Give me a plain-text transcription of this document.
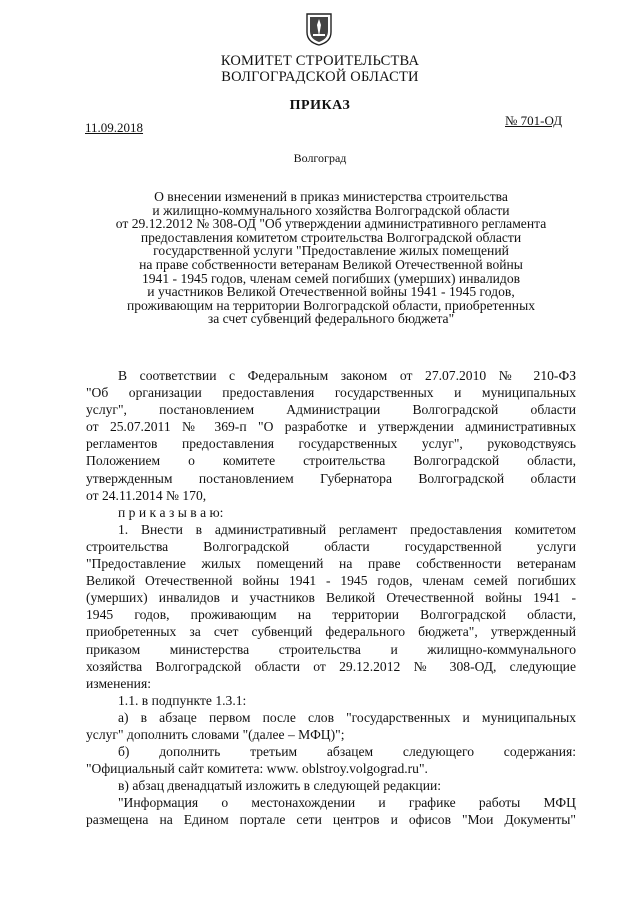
КОМИТЕТ СТРОИТЕЛЬСТВА
ВОЛГОГРАДСКОЙ ОБЛАСТИ
ПРИКАЗ
11.09.2018	№ 701-ОД
Волгоград
О внесении изменений в приказ министерства строительства
и жилищно-коммунального хозяйства Волгоградской области
от 29.12.2012 № 308-ОД "Об утверждении административного регламента
предоставления комитетом строительства Волгоградской области
государственной услуги "Предоставление жилых помещений
на праве собственности ветеранам Великой Отечественной войны
1941 - 1945 годов, членам семей погибших (умерших) инвалидов
и участников Великой Отечественной войны 1941 - 1945 годов,
проживающим на территории Волгоградской области, приобретенных
за счет субвенций федерального бюджета"
В соответствии с Федеральным законом от 27.07.2010 № 210-ФЗ
"Об организации предоставления государственных и муниципальных
услуг", постановлением Администрации Волгоградской области
от 25.07.2011 № 369-п "О разработке и утверждении административных
регламентов предоставления государственных услуг", руководствуясь
Положением о комитете строительства Волгоградской области,
утвержденным постановлением Губернатора Волгоградской области
от 24.11.2014 № 170,
п р и к а з ы в а ю:
1. Внести в административный регламент предоставления комитетом
строительства Волгоградской области государственной услуги
"Предоставление жилых помещений на праве собственности ветеранам
Великой Отечественной войны 1941 - 1945 годов, членам семей погибших
(умерших) инвалидов и участников Великой Отечественной войны 1941 -
1945 годов, проживающим на территории Волгоградской области,
приобретенных за счет субвенций федерального бюджета", утвержденный
приказом министерства строительства и жилищно-коммунального
хозяйства Волгоградской области от 29.12.2012 № 308-ОД, следующие
изменения:
1.1. в подпункте 1.3.1:
а) в абзаце первом после слов "государственных и муниципальных
услуг" дополнить словами "(далее – МФЦ)";
б) дополнить третьим абзацем следующего содержания:
"Официальный сайт комитета: www. oblstroy.volgograd.ru".
в) абзац двенадцатый изложить в следующей редакции:
"Информация о местонахождении и графике работы МФЦ
размещена на Едином портале сети центров и офисов "Мои Документы"
